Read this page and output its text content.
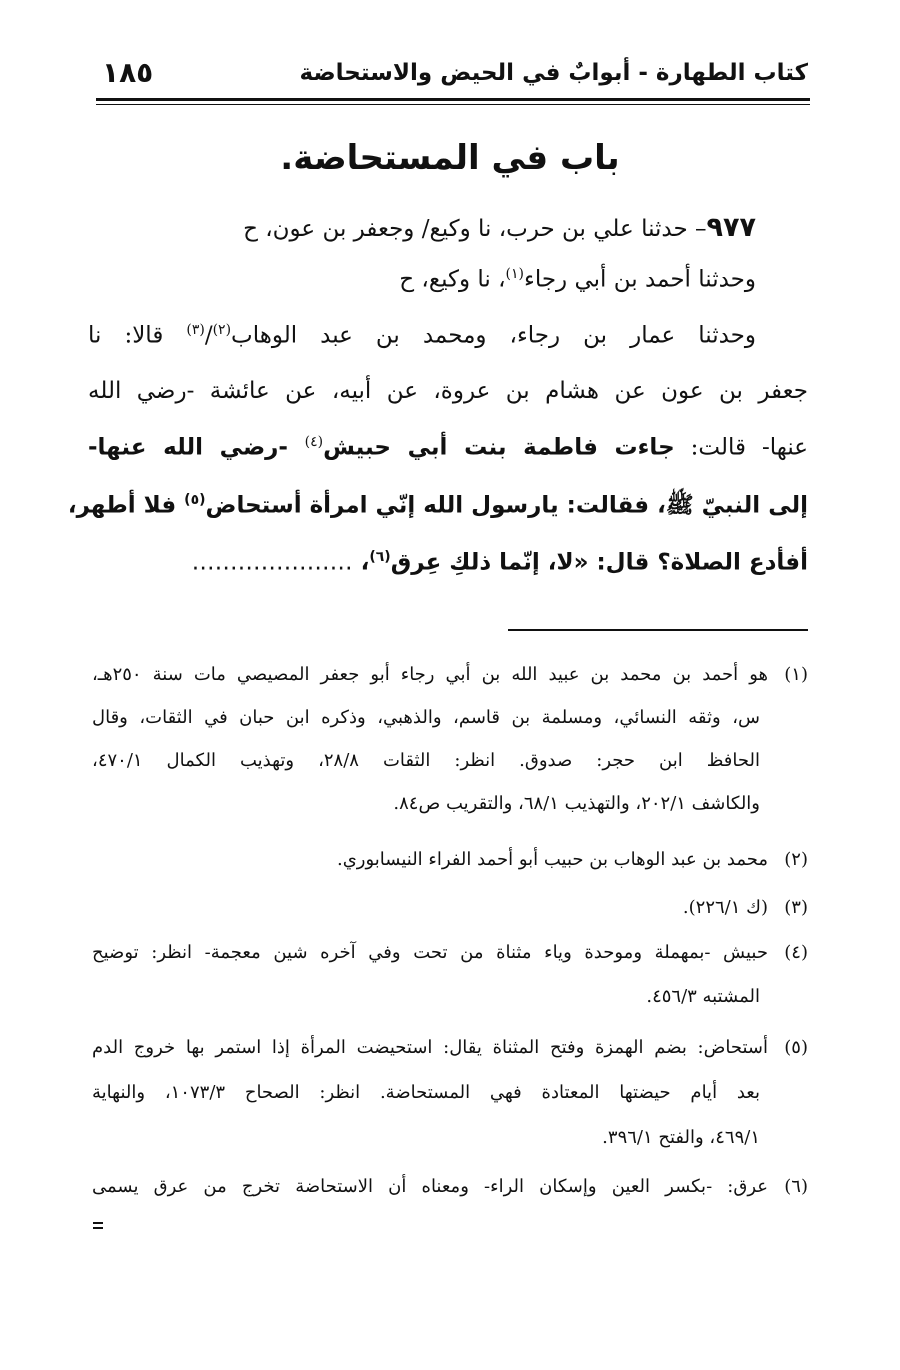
كتاب الطهارة - أبوابٌ في الحيض والاستحاضة
١٨٥
باب في المستحاضة.
٩٧٧– حدثنا علي بن حرب، نا وكيع/ وجعفر بن عون، ح
وحدثنا أحمد بن أبي رجاء$^{(١)}$، نا وكيع، ح
وحدثنا عمار بن رجاء، ومحمد بن عبد الوهاب$^{(٢)}$/$^{(٣)}$ قالا: نا
جعفر بن عون عن هشام بن عروة، عن أبيه، عن عائشة -رضي الله
عنها- قالت: جاءت فاطمة بنت أبي حبيش$^{(٤)}$ -رضي الله عنها-
إلى النبيّ ﷺ، فقالت: يارسول الله إنّي امرأة أستحاض$^{(٥)}$ فلا أطهر،
أفأدع الصلاة؟ قال: «لا، إنّما ذلكِ عِرق$^{(٦)}$، …………………
(١)هو أحمد بن محمد بن عبيد الله بن أبي رجاء أبو جعفر المصيصي مات سنة ٢٥٠هـ،
س، وثقه النسائي، ومسلمة بن قاسم، والذهبي، وذكره ابن حبان في الثقات، وقال
الحافظ ابن حجر: صدوق. انظر: الثقات ٢٨/٨، وتهذيب الكمال ٤٧٠/١،
والكاشف ٢٠٢/١، والتهذيب ٦٨/١، والتقريب ص٨٤.
(٢)محمد بن عبد الوهاب بن حبيب أبو أحمد الفراء النيسابوري.
(٣)(ك ٢٢٦/١).
(٤)حبيش -بمهملة وموحدة وياء مثناة من تحت وفي آخره شين معجمة- انظر: توضيح
المشتبه ٤٥٦/٣.
(٥)أستحاض: بضم الهمزة وفتح المثناة يقال: استحيضت المرأة إذا استمر بها خروج الدم
بعد أيام حيضتها المعتادة فهي المستحاضة. انظر: الصحاح ١٠٧٣/٣، والنهاية
٤٦٩/١، والفتح ٣٩٦/١.
(٦)عرق: -بكسر العين وإسكان الراء- ومعناه أن الاستحاضة تخرج من عرق يسمى
